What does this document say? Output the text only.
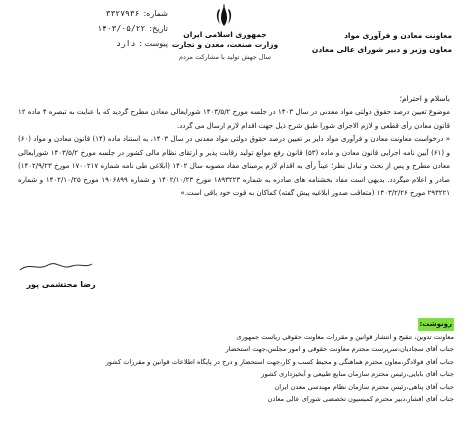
شماره:
۳۳۲۷۹۳۶
تاریخ:
۱۴۰۳/۰۵/۲۲
پیوست :
دارد
جمهوری اسلامی ایران
وزارت صنعت، معدن و تجارت
سال جهش تولید با مشارکت مردم
معاونت معادن و فرآوری مواد
معاون وزیر و دبیر شورای عالی معادن
باسلام و احترام؛

موضوع تعیین درصد حقوق دولتی مواد معدنی در سال ۱۴۰۳ در جلسه مورخ ۱۴۰۳/۵/۲ شورایعالی معادن مطرح گردید که با عنایت به تبصره ۴ ماده ۱۲ قانون معادن رأی قطعی و لازم الاجرای شورا طبق شرح ذیل جهت اقدام لازم ارسال می گردد.

« درخواست معاونت معادن و فرآوری مواد دایر بر تعیین درصد حقوق دولتی مواد معدنی در سال ۱۴۰۳، به استناد ماده (۱۴) قانون معادن و مواد (۶۰) و (۶۱) آیین نامه اجرایی قانون معادن و ماده (۵۳) قانون رفع موانع تولید رقابت پذیر و ارتقای نظام مالی کشور در جلسه مورخ ۱۴۰۳/۵/۲ شورایعالی معادن مطرح و پس از بحث و تبادل نظر؛ عیناً رأی به اقدام لازم برمبنای مفاد مصوبه سال ۱۴۰۲ (ابلاغی طی نامه شماره ۱۷۰۰۲۱۷ مورخ ۱۴۰۲/۹/۲۳) صادر و اعلام میگردد. بدیهی است مفاد بخشنامه های صادره به شماره ۱۸۹۳۲۲۳ مورخ ۱۴۰۲/۱۰/۲۳ و شماره ۱۹۰۶۸۹۹ مورخ ۱۴۰۲/۱۰/۲۵ و شماره ۲۹۳۲۲۱ مورخ ۱۴۰۳/۲/۲۶ (متعاقب صدور ابلاغیه پیش گفته) کماکان به قوت خود باقی است.»

رضا محتشمی پور
رونوشت:
معاونت تدوین، تنقیح و انتشار قوانین و مقررات معاونت حقوقی ریاست جمهوری
جناب آقای سجادیان،سرپرست محترم معاونت حقوقی و امور مجلس،جهت استحضار
جناب آقای فولادگر،معاون محترم هماهنگی و محیط کسب و کار،جهت استحضار و درج در پایگاه اطلاعات قوانین و مقررات کشور
جناب آقای بابایی،رئیس محترم سازمان منابع طبیعی و آبخیزداری کشور
جناب آقای پناهی،رئیس محترم سازمان نظام مهندسی معدن ایران
جناب آقای افشار،دبیر محترم کمیسیون تخصصی شورای عالی معادن
